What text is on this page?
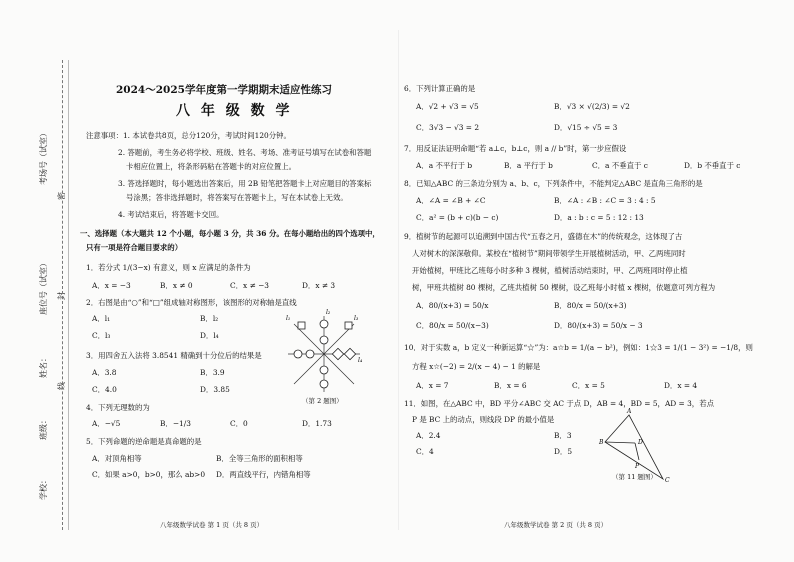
考场号（试室）
密
座位号（试室） 封
姓名：
线
班级：
学校：
2024～2025学年度第一学期期末适应性练习
八 年 级 数 学
注意事项：1. 本试卷共8页，总分120分，考试时间120分钟。
2. 答题前，考生务必将学校、班级、姓名、考场、准考证号填写在试卷和答题
卡相应位置上，将条形码粘在答题卡的对应位置上。
3. 答选择题时，每小题选出答案后，用 2B 铅笔把答题卡上对应题目的答案标
号涂黑；答非选择题时，将答案写在答题卡上，写在本试卷上无效。
4. 考试结束后，将答题卡交回。
一、选择题（本大题共 12 个小题，每小题 3 分，共 36 分。在每小题给出的四个选项中，
只有一项是符合题目要求的）
1．若分式 1/(3−x) 有意义，则 x 应满足的条件为
A．x = −3	B．x ≠ 0	C．x ≠ −3	D．x ≠ 3
2．右图是由“○”和“□”组成轴对称图形，该图形的对称轴是直线
A．l₁	B．l₂
C．l₃	D．l₄
3．用四舍五入法将 3.8541 精确到十分位后的结果是
A．3.8	B．3.9
C．4.0	D．3.85
4．下列无理数的为
A．−√5	B．−1/3	C．0	D．1.73
5．下列命题的逆命题是真命题的是
A．对顶角相等	B．全等三角形的面积相等
C．如果 a>0，b>0，那么 ab>0 D．两直线平行，内错角相等
l₁
l₂
l₃
l₄
（第 2 题图）
八年级数学试卷 第 1 页（共 8 页）
6．下列计算正确的是
A．√2 + √3 = √5	B．√3 × √(2/3) = √2
C．3√3 − √3 = 2	D．√15 ÷ √5 = 3
7．用反证法证明命题“若 a⊥c，b⊥c，则 a // b”时，第一步应假设
A．a 不平行于 b	B．a 平行于 b	C．a 不垂直于 c	D．b 不垂直于 c
8．已知△ABC 的三条边分别为 a、b、c，下列条件中，不能判定△ABC 是直角三角形的是
A．∠A = ∠B + ∠C	B．∠A : ∠B : ∠C = 3 : 4 : 5
C．a² = (b + c)(b − c)	D．a : b : c = 5 : 12 : 13
9．植树节的起源可以追溯到中国古代“五春之月，盛德在木”的传统观念，这体现了古
人对树木的深深敬仰。某校在“植树节”期间带领学生开展植树活动，甲、乙两班同时
开始植树，甲班比乙班每小时多种 3 棵树，植树活动结束时，甲、乙两班同时停止植
树，甲班共植树 80 棵树，乙班共植树 50 棵树，设乙班每小时植 x 棵树，依题意可列方程为
A．80/(x+3) = 50/x	B．80/x = 50/(x+3)
C．80/x = 50/(x−3)	D．80/(x+3) = 50/x − 3
10．对于实数 a，b 定义一种新运算“☆”为：a☆b = 1/(a − b²)，例如：1☆3 = 1/(1 − 3²) = −1/8，则
方程 x☆(−2) = 2/(x − 4) − 1 的解是
A．x = 7	B．x = 6	C．x = 5	D．x = 4
11．如图，在△ABC 中，BD 平分∠ABC 交 AC 于点 D，AB = 4，BD = 5，AD = 3，若点
P 是 BC 上的动点，则线段 DP 的最小值是
A．2.4	B．3
C．4	D．5
A
B	D
P
C
（第 11 题图）
八年级数学试卷 第 2 页（共 8 页）
